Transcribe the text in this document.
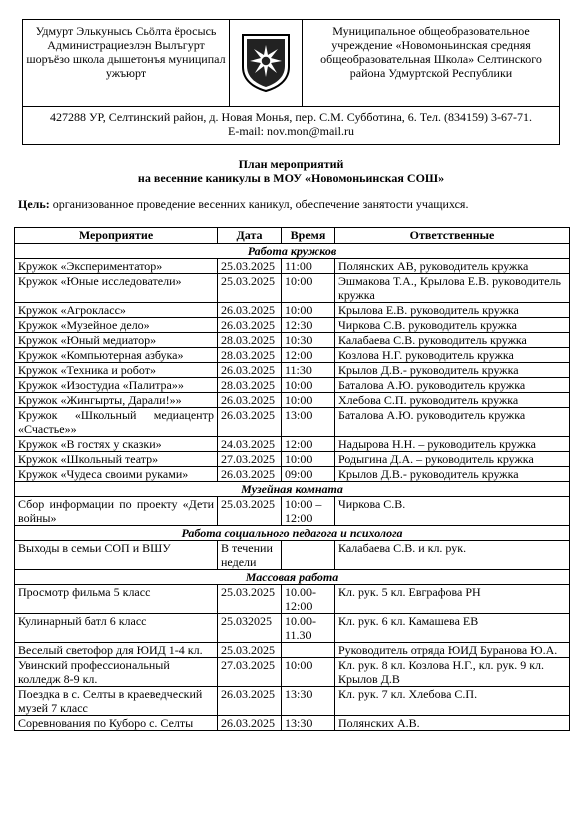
Удмурт Элькунысь Сьöлта ёросысь Администрациезлэн Вылъгурт шоръёзо школа дышетонъя муниципал ужъюрт		Муниципальное общеобразовательное учреждение «Новомоньинская средняя общеобразовательная Школа» Селтинского района Удмуртской Республики

427288 УР, Селтинский район, д. Новая Монья, пер. С.М. Субботина, 6. Тел. (834159) 3-67-71.
E-mail: nov.mon@mail.ru
План мероприятий
на весенние каникулы в МОУ «Новомоньинская СОШ»
Цель: организованное проведение весенних каникул, обеспечение занятости учащихся.
Мероприятие	Дата	Время	Ответственные
Работа кружков			
Кружок «Экспериментатор»	25.03.2025	11:00	Полянских АВ, руководитель кружка
Кружок «Юные исследователи»	25.03.2025	10:00	Эшмакова Т.А., Крылова Е.В. руководитель кружка
Кружок «Агрокласс»	26.03.2025	10:00	Крылова Е.В. руководитель кружка
Кружок «Музейное дело»	26.03.2025	12:30	Чиркова С.В. руководитель кружка
Кружок «Юный медиатор»	28.03.2025	10:30	Калабаева С.В. руководитель кружка
Кружок «Компьютерная азбука»	28.03.2025	12:00	Козлова Н.Г. руководитель кружка
Кружок «Техника и робот»	26.03.2025	11:30	Крылов Д.В.- руководитель кружка
Кружок «Изостудиа «Палитра»»	28.03.2025	10:00	Баталова А.Ю. руководитель кружка
Кружок «Жингырты, Дарали!»»	26.03.2025	10:00	Хлебова С.П. руководитель кружка
Кружок «Школьный медиацентр «Счастье»»	26.03.2025	13:00	Баталова А.Ю. руководитель кружка
Кружок «В гостях у сказки»	24.03.2025	12:00	Надырова Н.Н. – руководитель кружка
Кружок «Школьный театр»	27.03.2025	10:00	Родыгина Д.А. – руководитель кружка
Кружок «Чудеса своими руками»	26.03.2025	09:00	Крылов Д.В.- руководитель кружка
Музейная комната			
Сбор информации по проекту «Дети войны»	25.03.2025	10:00 – 12:00	Чиркова С.В.
Работа социального педагога и психолога			
Выходы в семьи СОП и ВШУ	В течении недели		Калабаева С.В. и кл. рук.
Массовая работа			
Просмотр фильма 5 класс	25.03.2025	10.00-12:00	Кл. рук. 5 кл. Евграфова РН
Кулинарный батл 6 класс	25.032025	10.00-11.30	Кл. рук. 6 кл. Камашева ЕВ
Веселый светофор для ЮИД 1-4 кл.	25.03.2025		Руководитель отряда ЮИД Буранова Ю.А.
Увинский профессиональный колледж 8-9 кл.	27.03.2025	10:00	Кл. рук. 8 кл. Козлова Н.Г., кл. рук. 9 кл. Крылов Д.В
Поездка в с. Селты в краеведческий музей 7 класс	26.03.2025	13:30	Кл. рук. 7 кл. Хлебова С.П.
Соревнования по Куборо с. Селты	26.03.2025	13:30	Полянских А.В.
